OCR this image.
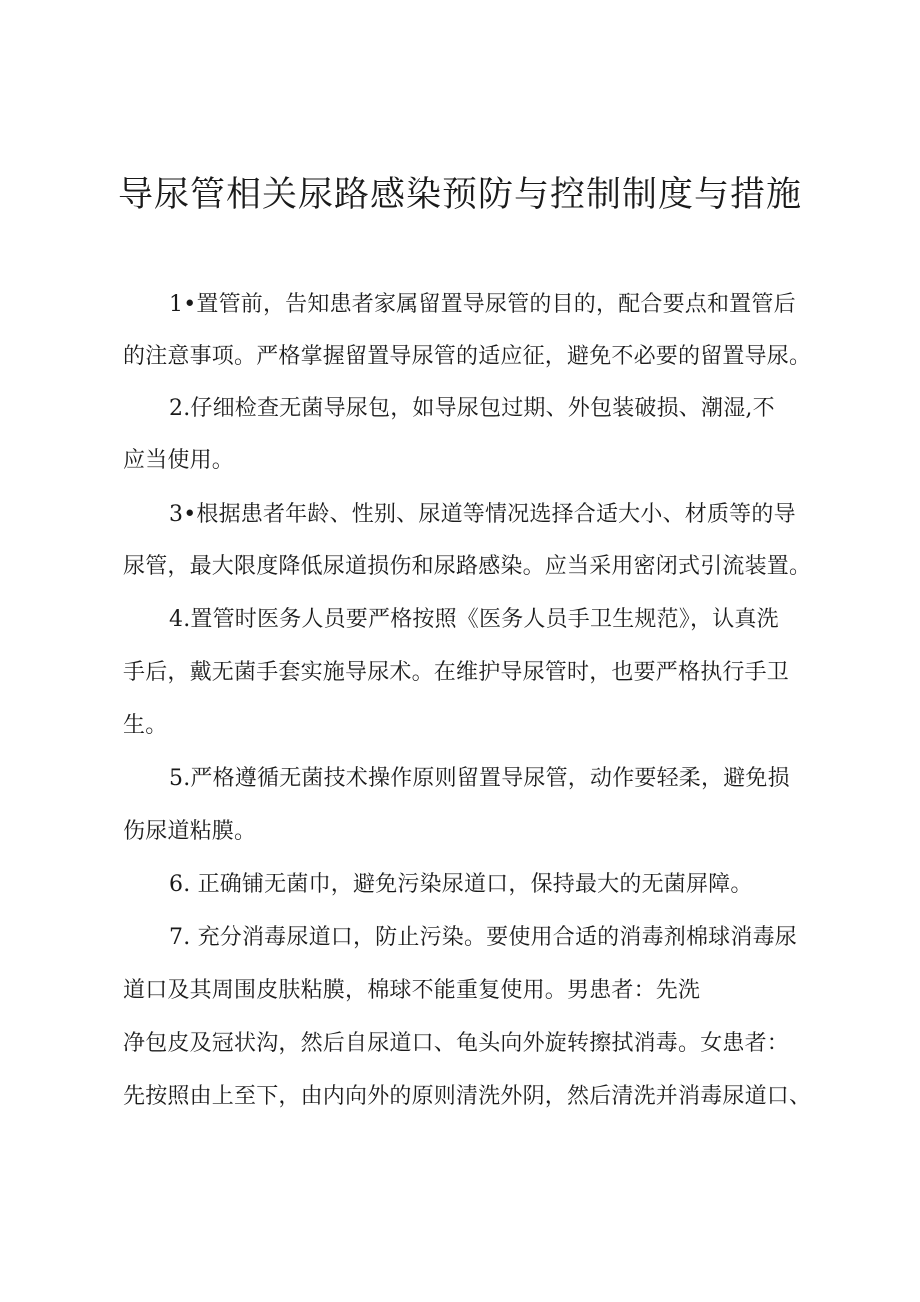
导尿管相关尿路感染预防与控制制度与措施
1•置管前，告知患者家属留置导尿管的目的，配合要点和置管后
的注意事项。严格掌握留置导尿管的适应征，避免不必要的留置导尿。
2.仔细检查无菌导尿包，如导尿包过期、外包装破损、潮湿,不
应当使用。
3•根据患者年龄、性别、尿道等情况选择合适大小、材质等的导
尿管，最大限度降低尿道损伤和尿路感染。应当采用密闭式引流装置。
4.置管时医务人员要严格按照《医务人员手卫生规范》，认真洗
手后，戴无菌手套实施导尿术。在维护导尿管时，也要严格执行手卫
生。
5.严格遵循无菌技术操作原则留置导尿管，动作要轻柔，避免损
伤尿道粘膜。
6. 正确铺无菌巾，避免污染尿道口，保持最大的无菌屏障。
7. 充分消毒尿道口，防止污染。要使用合适的消毒剂棉球消毒尿
道口及其周围皮肤粘膜，棉球不能重复使用。男患者：先洗
净包皮及冠状沟，然后自尿道口、龟头向外旋转擦拭消毒。女患者：
先按照由上至下，由内向外的原则清洗外阴，然后清洗并消毒尿道口、
